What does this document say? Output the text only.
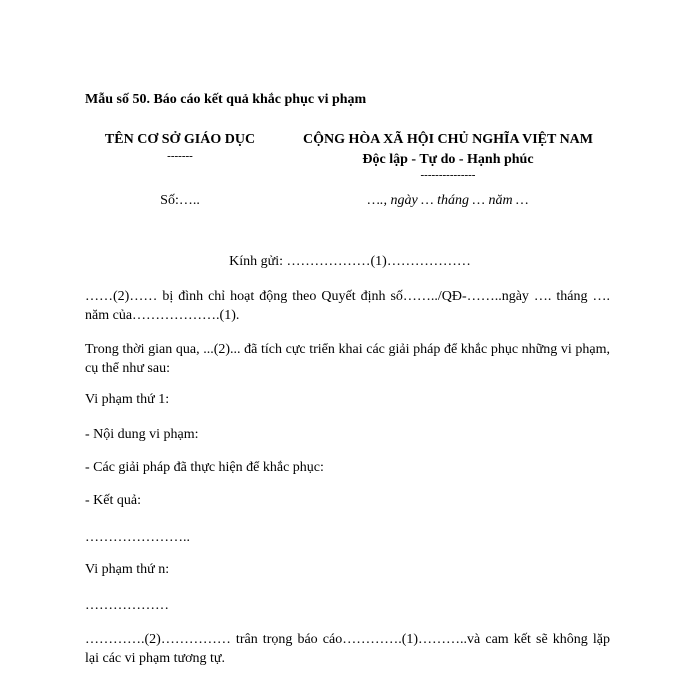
Mẫu số 50. Báo cáo kết quả khắc phục vi phạm
TÊN CƠ SỞ GIÁO DỤC
-------
CỘNG HÒA XÃ HỘI CHỦ NGHĨA VIỆT NAM
Độc lập - Tự do - Hạnh phúc
---------------
Số:…..	…., ngày … tháng … năm …
Kính gửi: ………………(1)………………
……(2)…… bị đình chỉ hoạt động theo Quyết định số……../QĐ-……..ngày …. tháng …. năm của……………….(1).
Trong thời gian qua, ...(2)... đã tích cực triển khai các giải pháp để khắc phục những vi phạm, cụ thể như sau:
Vi phạm thứ 1:
- Nội dung vi phạm:
- Các giải pháp đã thực hiện để khắc phục:
- Kết quả:
…………………..
Vi phạm thứ n:
………………
………….(2)…………… trân trọng báo cáo………….(1)………..và cam kết sẽ không lặp lại các vi phạm tương tự.
